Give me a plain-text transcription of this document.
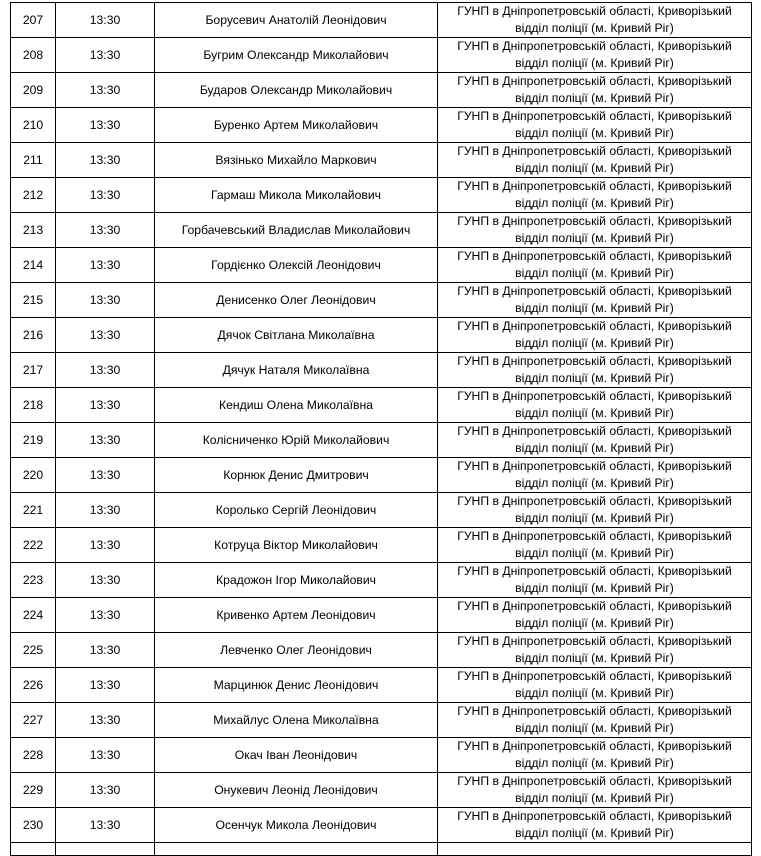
207	13:30	Борусевич Анатолій Леонідович	ГУНП в Дніпропетровській області, Криворізький відділ поліції (м. Кривий Ріг)
208	13:30	Бугрим Олександр Миколайович	ГУНП в Дніпропетровській області, Криворізький відділ поліції (м. Кривий Ріг)
209	13:30	Бударов Олександр Миколайович	ГУНП в Дніпропетровській області, Криворізький відділ поліції (м. Кривий Ріг)
210	13:30	Буренко Артем Миколайович	ГУНП в Дніпропетровській області, Криворізький відділ поліції (м. Кривий Ріг)
211	13:30	Вязінько Михайло Маркович	ГУНП в Дніпропетровській області, Криворізький відділ поліції (м. Кривий Ріг)
212	13:30	Гармаш Микола Миколайович	ГУНП в Дніпропетровській області, Криворізький відділ поліції (м. Кривий Ріг)
213	13:30	Горбачевський Владислав Миколайович	ГУНП в Дніпропетровській області, Криворізький відділ поліції (м. Кривий Ріг)
214	13:30	Гордієнко Олексій Леонідович	ГУНП в Дніпропетровській області, Криворізький відділ поліції (м. Кривий Ріг)
215	13:30	Денисенко Олег Леонідович	ГУНП в Дніпропетровській області, Криворізький відділ поліції (м. Кривий Ріг)
216	13:30	Дячок Світлана Миколаївна	ГУНП в Дніпропетровській області, Криворізький відділ поліції (м. Кривий Ріг)
217	13:30	Дячук Наталя Миколаївна	ГУНП в Дніпропетровській області, Криворізький відділ поліції (м. Кривий Ріг)
218	13:30	Кендиш Олена Миколаївна	ГУНП в Дніпропетровській області, Криворізький відділ поліції (м. Кривий Ріг)
219	13:30	Колісниченко Юрій Миколайович	ГУНП в Дніпропетровській області, Криворізький відділ поліції (м. Кривий Ріг)
220	13:30	Корнюк Денис Дмитрович	ГУНП в Дніпропетровській області, Криворізький відділ поліції (м. Кривий Ріг)
221	13:30	Королько Сергій Леонідович	ГУНП в Дніпропетровській області, Криворізький відділ поліції (м. Кривий Ріг)
222	13:30	Котруца Віктор Миколайович	ГУНП в Дніпропетровській області, Криворізький відділ поліції (м. Кривий Ріг)
223	13:30	Крадожон Ігор Миколайович	ГУНП в Дніпропетровській області, Криворізький відділ поліції (м. Кривий Ріг)
224	13:30	Кривенко Артем Леонідович	ГУНП в Дніпропетровській області, Криворізький відділ поліції (м. Кривий Ріг)
225	13:30	Левченко Олег Леонідович	ГУНП в Дніпропетровській області, Криворізький відділ поліції (м. Кривий Ріг)
226	13:30	Марцинюк Денис Леонідович	ГУНП в Дніпропетровській області, Криворізький відділ поліції (м. Кривий Ріг)
227	13:30	Михайлус Олена Миколаївна	ГУНП в Дніпропетровській області, Криворізький відділ поліції (м. Кривий Ріг)
228	13:30	Окач Іван Леонідович	ГУНП в Дніпропетровській області, Криворізький відділ поліції (м. Кривий Ріг)
229	13:30	Онукевич Леонід Леонідович	ГУНП в Дніпропетровській області, Криворізький відділ поліції (м. Кривий Ріг)
230	13:30	Осенчук Микола Леонідович	ГУНП в Дніпропетровській області, Криворізький відділ поліції (м. Кривий Ріг)
